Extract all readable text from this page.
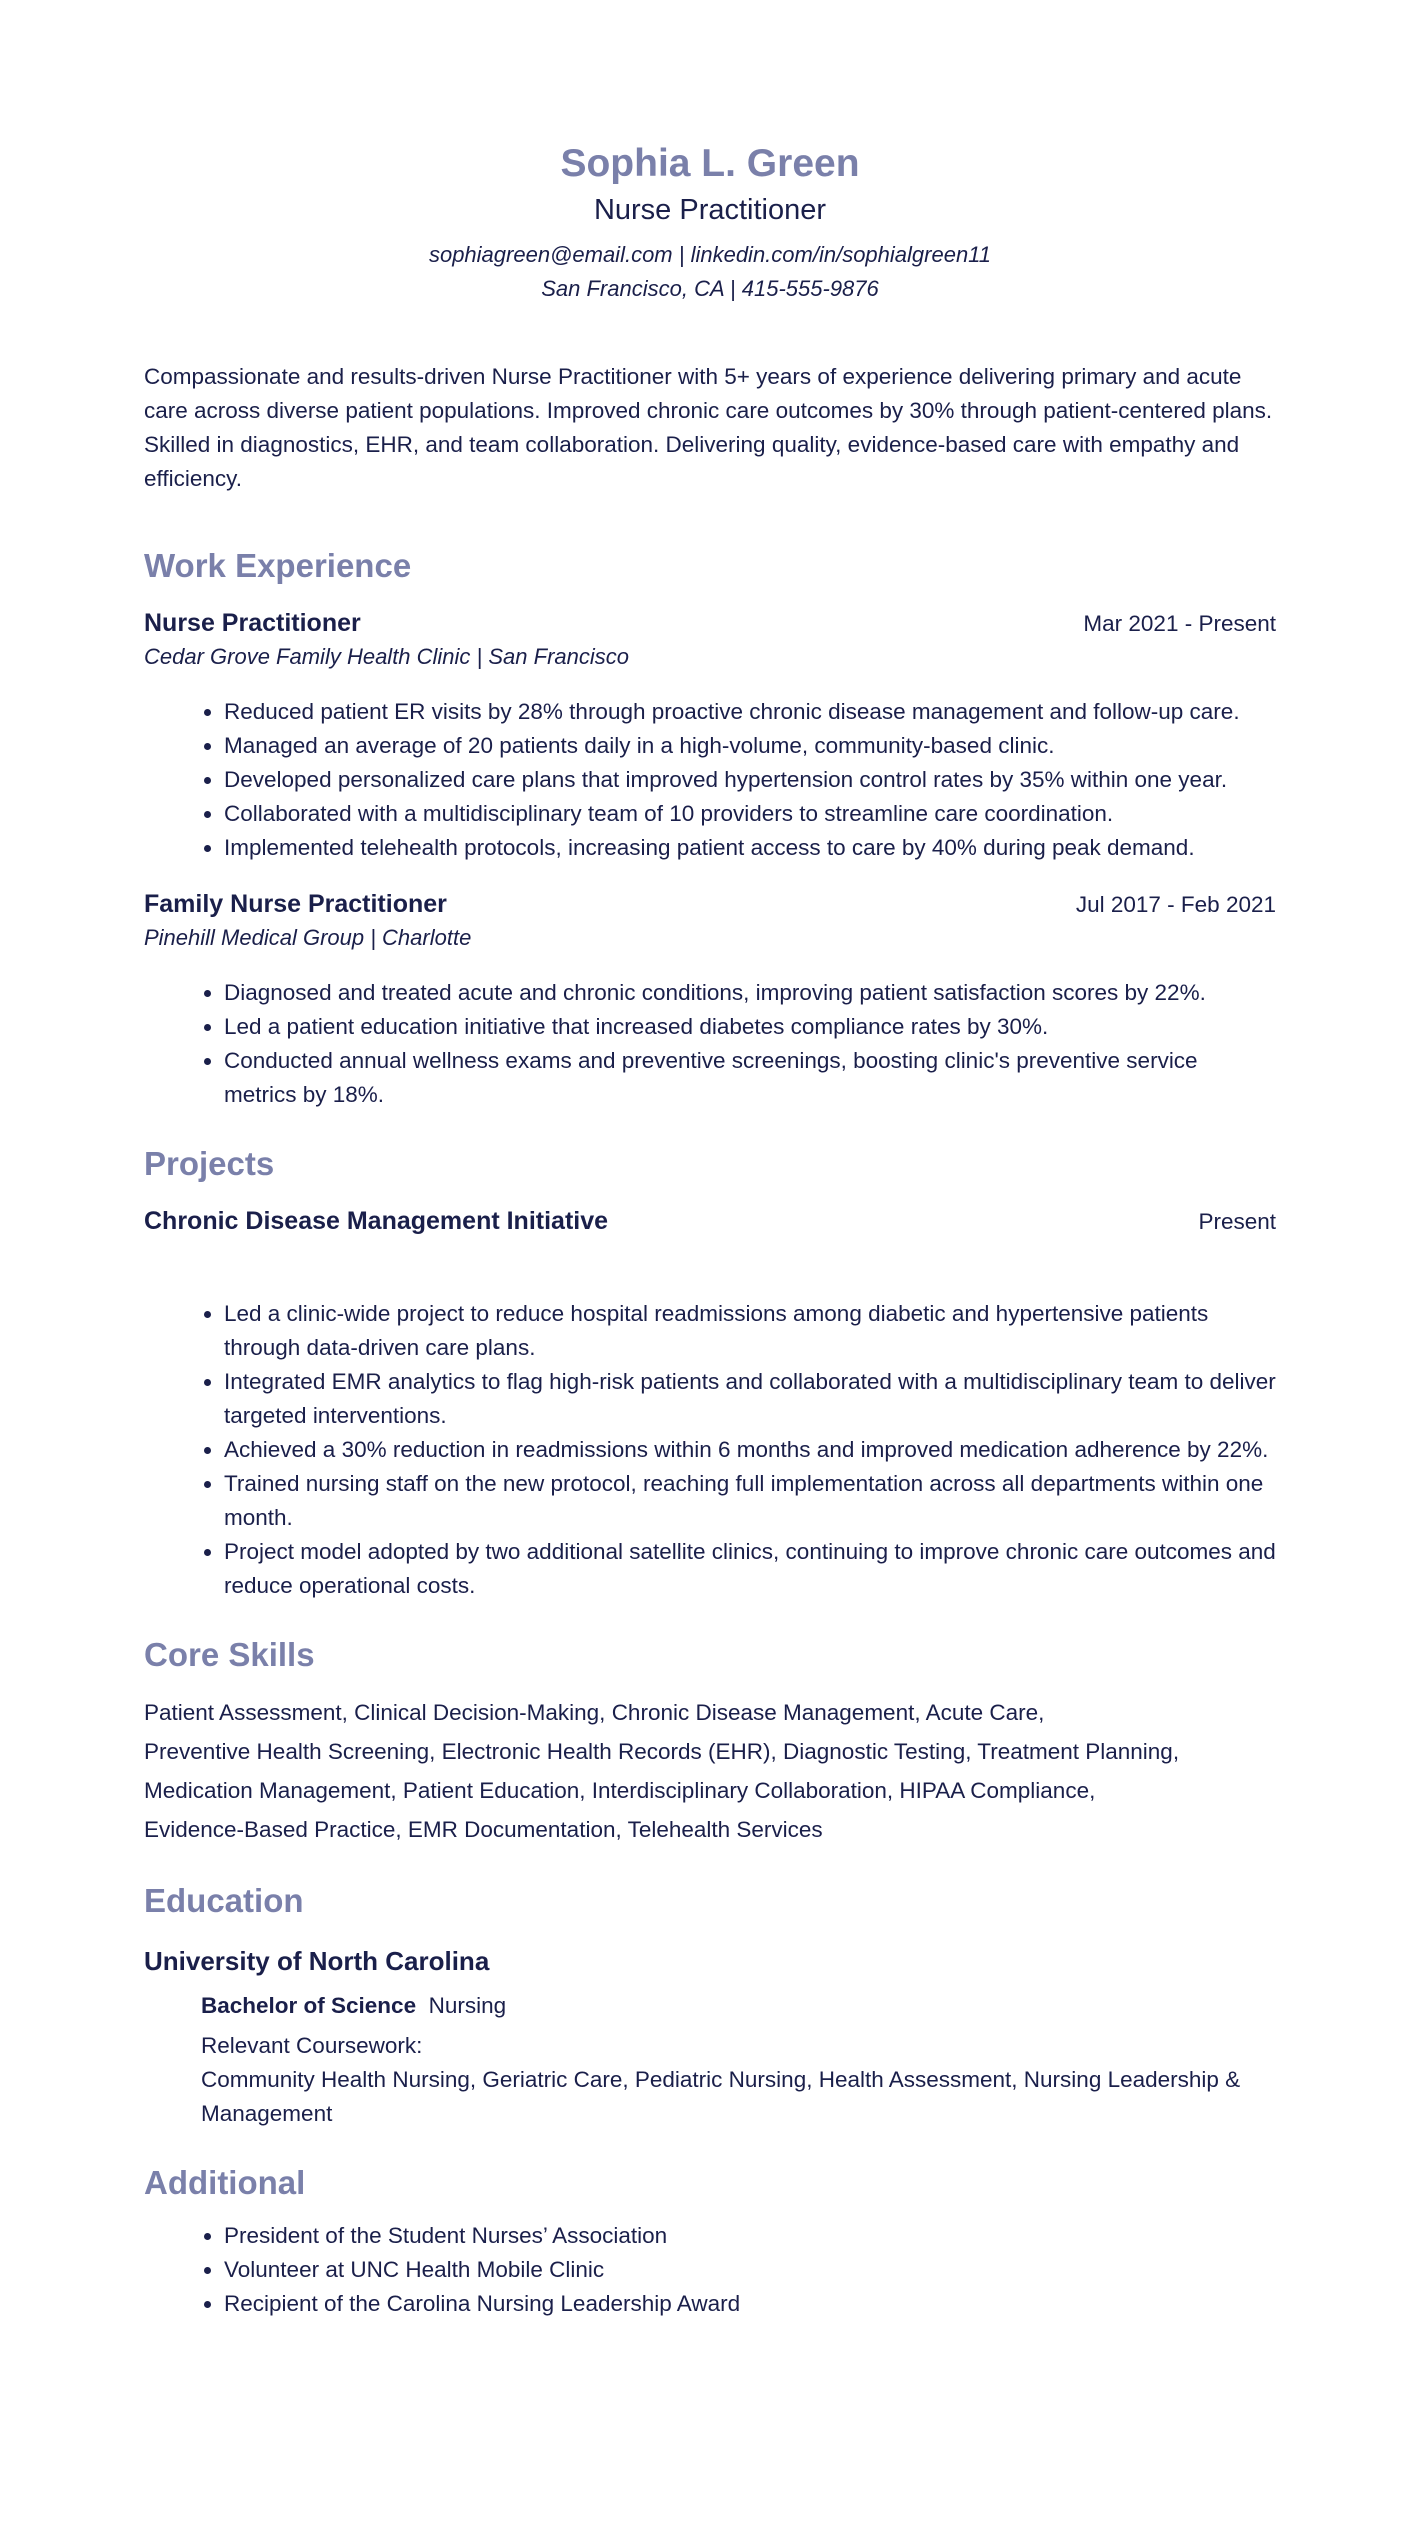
Sophia L. Green
Nurse Practitioner
sophiagreen@email.com | linkedin.com/in/sophialgreen11
San Francisco, CA | 415-555-9876
Compassionate and results-driven Nurse Practitioner with 5+ years of experience delivering primary and acute care across diverse patient populations. Improved chronic care outcomes by 30% through patient-centered plans. Skilled in diagnostics, EHR, and team collaboration. Delivering quality, evidence-based care with empathy and efficiency.
Work Experience
Nurse Practitioner	Mar 2021 - Present
Cedar Grove Family Health Clinic | San Francisco
• Reduced patient ER visits by 28% through proactive chronic disease management and follow-up care.
• Managed an average of 20 patients daily in a high-volume, community-based clinic.
• Developed personalized care plans that improved hypertension control rates by 35% within one year.
• Collaborated with a multidisciplinary team of 10 providers to streamline care coordination.
• Implemented telehealth protocols, increasing patient access to care by 40% during peak demand.
Family Nurse Practitioner	Jul 2017 - Feb 2021
Pinehill Medical Group | Charlotte
• Diagnosed and treated acute and chronic conditions, improving patient satisfaction scores by 22%.
• Led a patient education initiative that increased diabetes compliance rates by 30%.
• Conducted annual wellness exams and preventive screenings, boosting clinic's preventive service metrics by 18%.
Projects
Chronic Disease Management Initiative	Present
• Led a clinic-wide project to reduce hospital readmissions among diabetic and hypertensive patients through data-driven care plans.
• Integrated EMR analytics to flag high-risk patients and collaborated with a multidisciplinary team to deliver targeted interventions.
• Achieved a 30% reduction in readmissions within 6 months and improved medication adherence by 22%.
• Trained nursing staff on the new protocol, reaching full implementation across all departments within one month.
• Project model adopted by two additional satellite clinics, continuing to improve chronic care outcomes and reduce operational costs.
Core Skills
Patient Assessment, Clinical Decision-Making, Chronic Disease Management, Acute Care,
Preventive Health Screening, Electronic Health Records (EHR), Diagnostic Testing, Treatment Planning,
Medication Management, Patient Education, Interdisciplinary Collaboration, HIPAA Compliance,
Evidence-Based Practice, EMR Documentation, Telehealth Services
Education
University of North Carolina
Bachelor of Science Nursing
Relevant Coursework:
Community Health Nursing, Geriatric Care, Pediatric Nursing, Health Assessment, Nursing Leadership & Management
Additional
• President of the Student Nurses’ Association
• Volunteer at UNC Health Mobile Clinic
• Recipient of the Carolina Nursing Leadership Award
